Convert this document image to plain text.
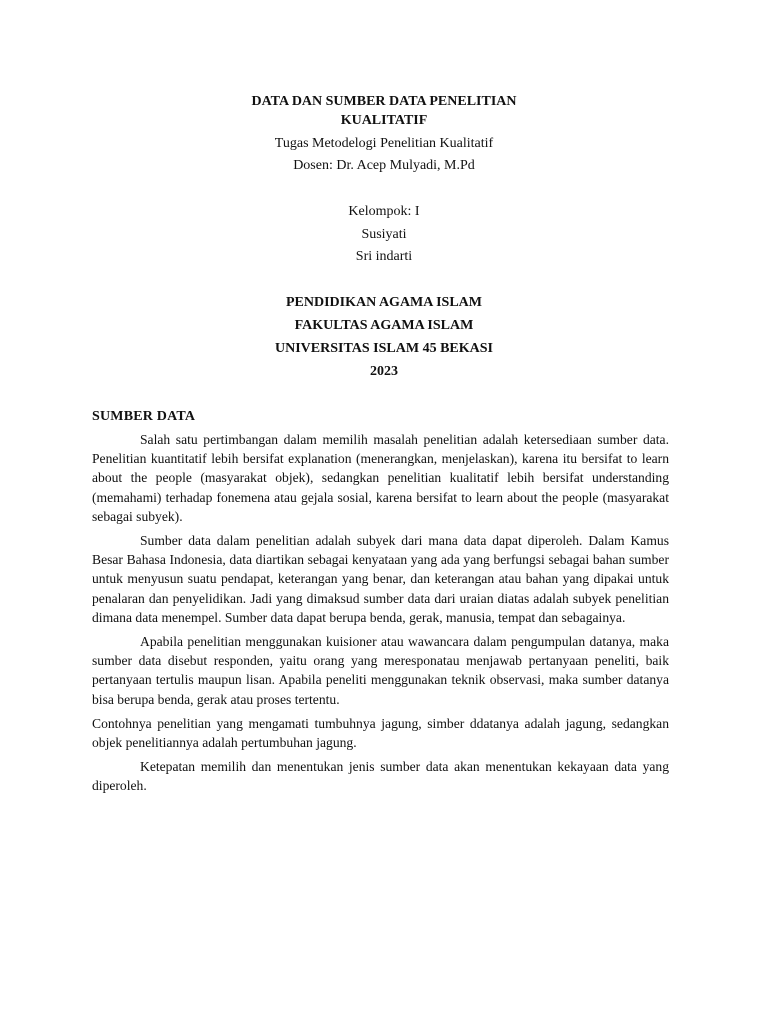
DATA DAN SUMBER DATA PENELITIAN
KUALITATIF
Tugas Metodelogi Penelitian Kualitatif
Dosen: Dr. Acep Mulyadi, M.Pd
Kelompok: I
Susiyati
Sri indarti
PENDIDIKAN AGAMA ISLAM
FAKULTAS AGAMA ISLAM
UNIVERSITAS ISLAM 45 BEKASI
2023
SUMBER DATA

Salah satu pertimbangan dalam memilih masalah penelitian adalah ketersediaan sumber data. Penelitian kuantitatif lebih bersifat explanation (menerangkan, menjelaskan), karena itu bersifat to learn about the people (masyarakat objek), sedangkan penelitian kualitatif lebih bersifat understanding (memahami) terhadap fonemena atau gejala sosial, karena bersifat to learn about the people (masyarakat sebagai subyek).

Sumber data dalam penelitian adalah subyek dari mana data dapat diperoleh. Dalam Kamus Besar Bahasa Indonesia, data diartikan sebagai kenyataan yang ada yang berfungsi sebagai bahan sumber untuk menyusun suatu pendapat, keterangan yang benar, dan keterangan atau bahan yang dipakai untuk penalaran dan penyelidikan. Jadi yang dimaksud sumber data dari uraian diatas adalah subyek penelitian dimana data menempel. Sumber data dapat berupa benda, gerak, manusia, tempat dan sebagainya.

Apabila penelitian menggunakan kuisioner atau wawancara dalam pengumpulan datanya, maka sumber data disebut responden, yaitu orang yang meresponatau menjawab pertanyaan peneliti, baik pertanyaan tertulis maupun lisan. Apabila peneliti menggunakan teknik observasi, maka sumber datanya bisa berupa benda, gerak atau proses tertentu.

Contohnya penelitian yang mengamati tumbuhnya jagung, simber ddatanya adalah jagung, sedangkan objek penelitiannya adalah pertumbuhan jagung.

Ketepatan memilih dan menentukan jenis sumber data akan menentukan kekayaan data yang diperoleh.
